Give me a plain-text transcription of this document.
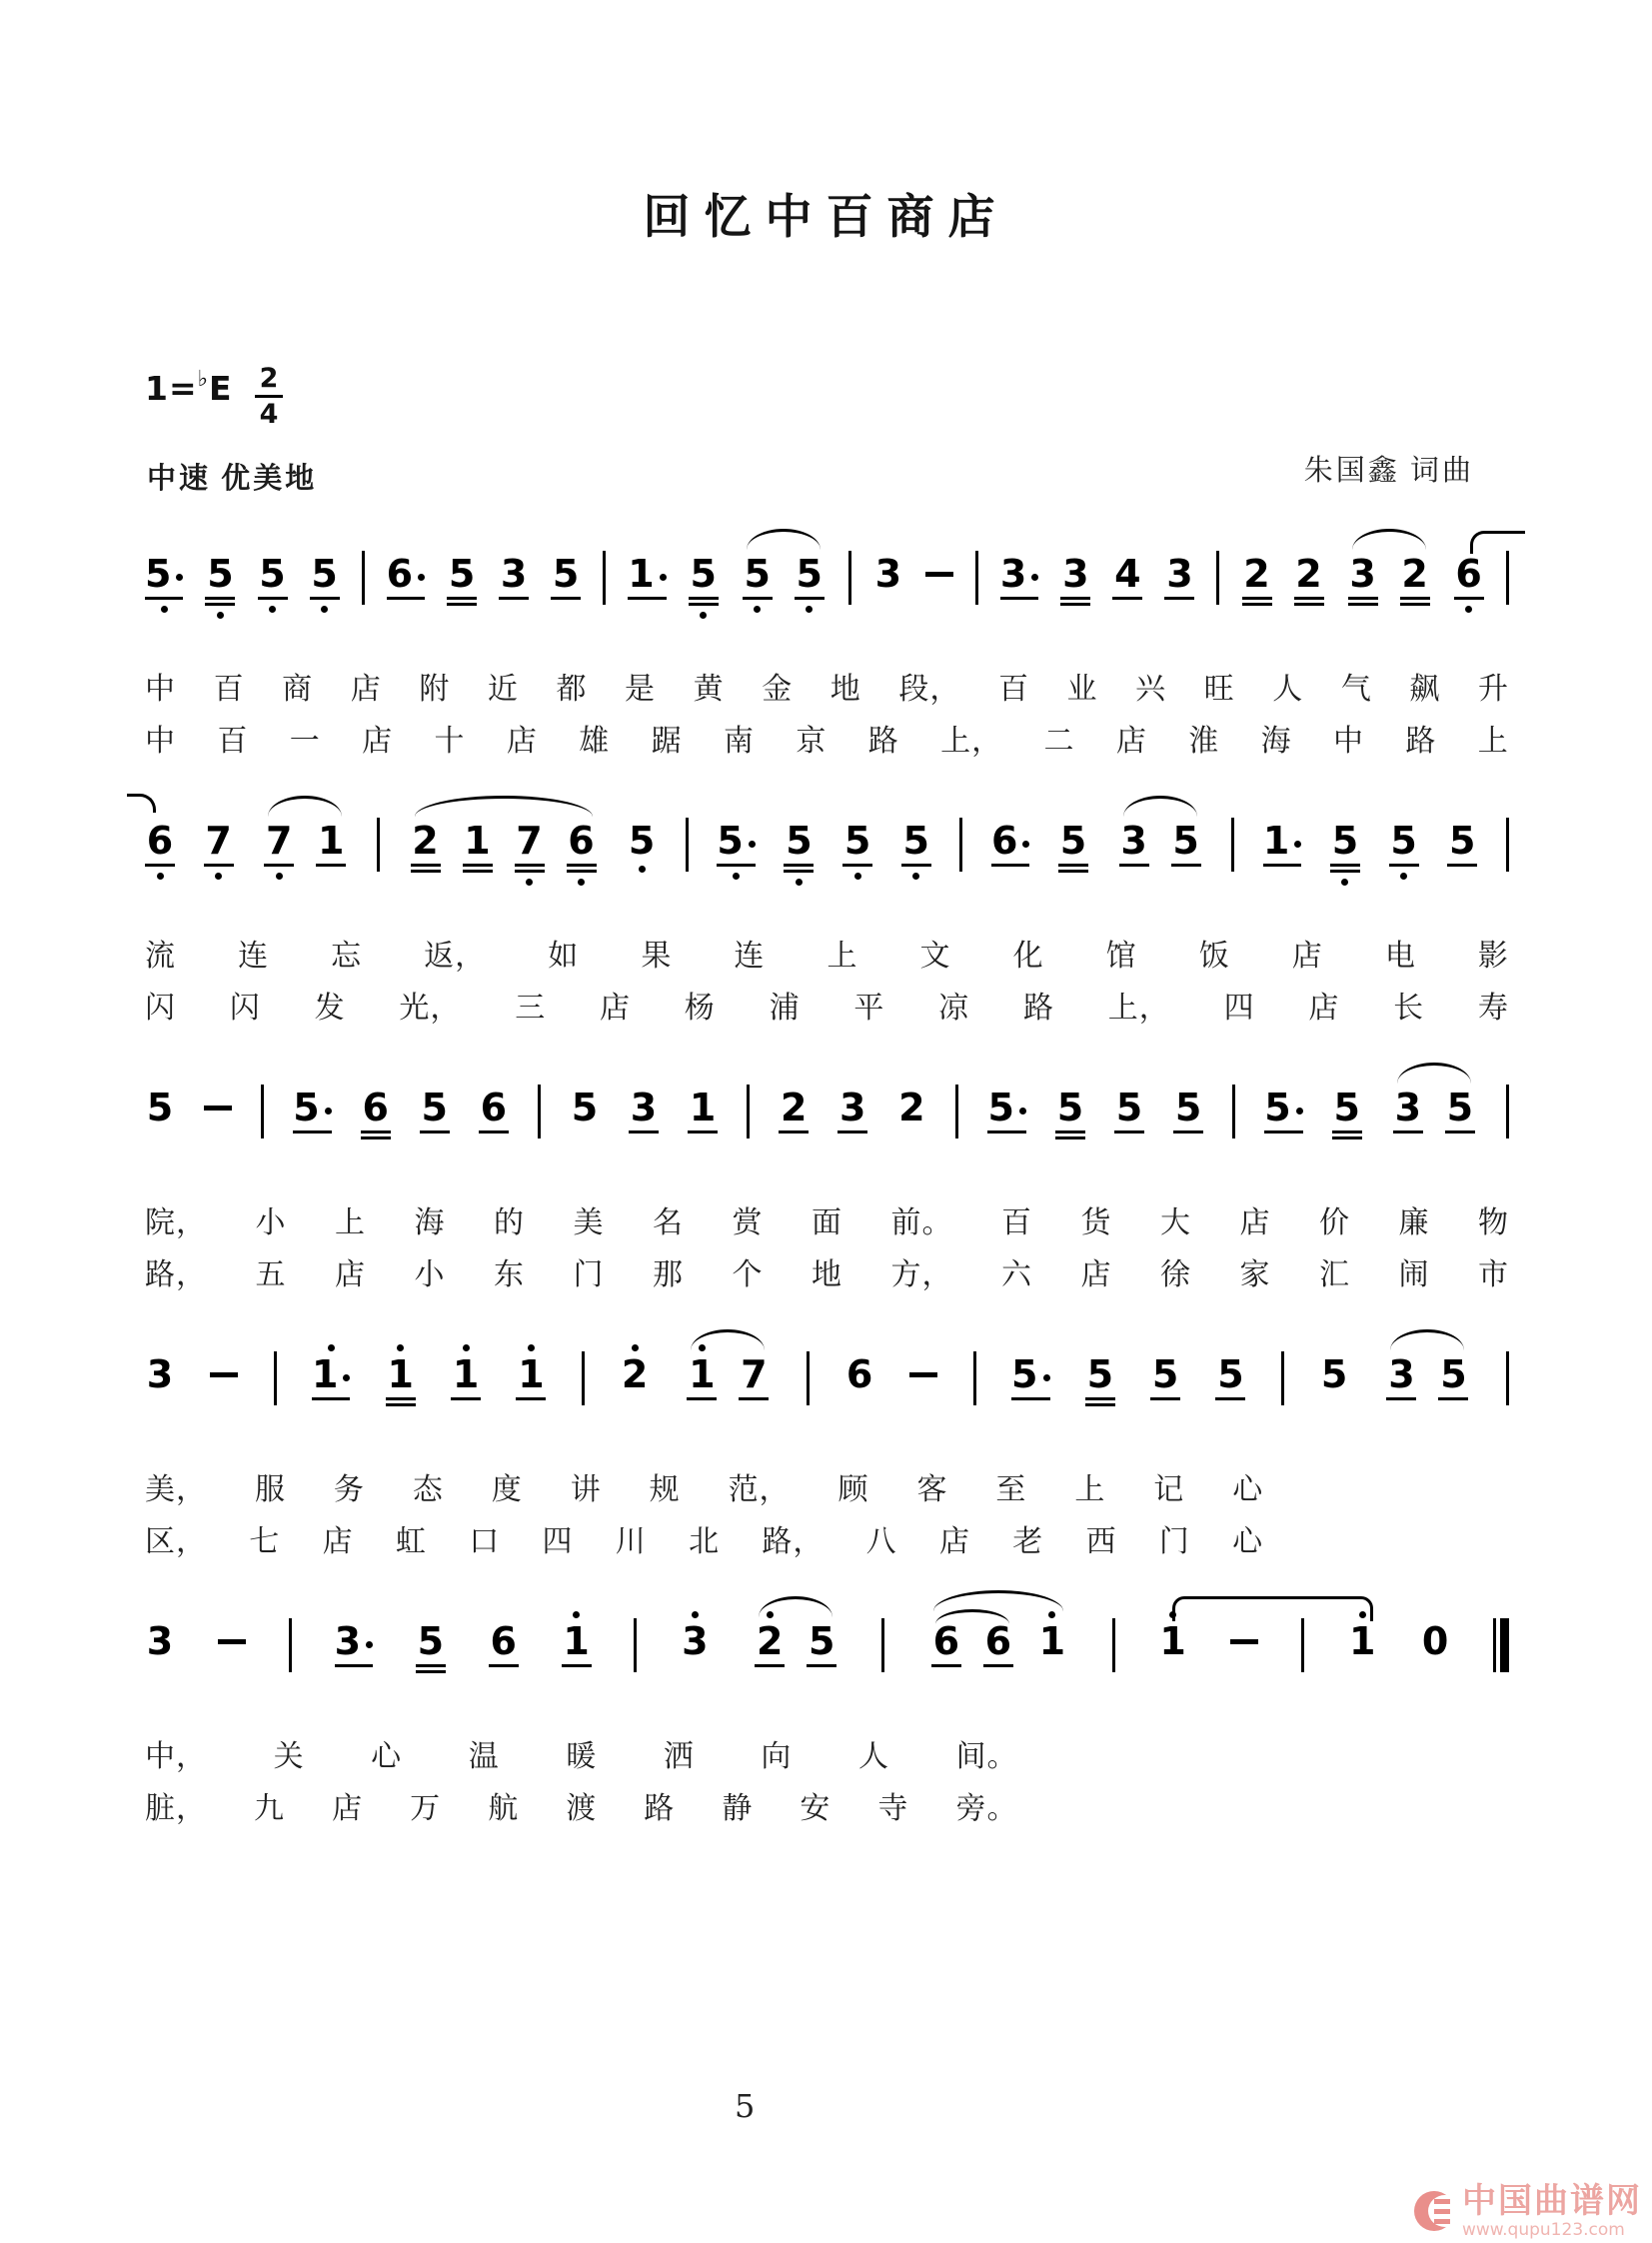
回忆中百商店
$1=^♭E \frac{2}{4}$
中速 优美地	朱国鑫 词曲
5 5 5 5 6 5 3 5 1 5 5 5 3	3 3 4 3 2 2 3 2 6
中 百 商 店 附 近 都 是 黄 金 地 段， 百 业 兴 旺 人 气 飙 升
中 百 一 店 十 店 雄 踞 南 京 路 上， 二 店 淮 海 中 路 上
6 7 7 1 2 1 7 6 5 5 5 5 5 6 5 3 5 1 5 5 5
流 连 忘 返， 如 果 连 上 文 化 馆 饭 店 电 影
闪 闪 发 光， 三 店 杨 浦 平 凉 路 上， 四 店 长 寿
5	5 6 5 6 5 3 1 2 3 2 5 5 5 5 5 5 3 5
院， 小 上 海 的 美 名 赏 面 前。 百 货 大 店 价 廉 物
路， 五 店 小 东 门 那 个 地 方， 六 店 徐 家 汇 闹 市
3	1 1 1 1 2 1 7 6	5 5 5 5 5 3 5
美， 服 务 态 度 讲 规 范， 顾 客 至 上 记 心
区， 七 店 虹 口 四 川 北 路， 八 店 老 西 门 心
3	3 5 6 1 3 2 5	6 6 1 1	1 0
中， 关 心 温 暖 洒 向 人 间。
脏， 九 店 万 航 渡 路 静 安 寺 旁。
5
中国曲谱网
www.qupu123.com
